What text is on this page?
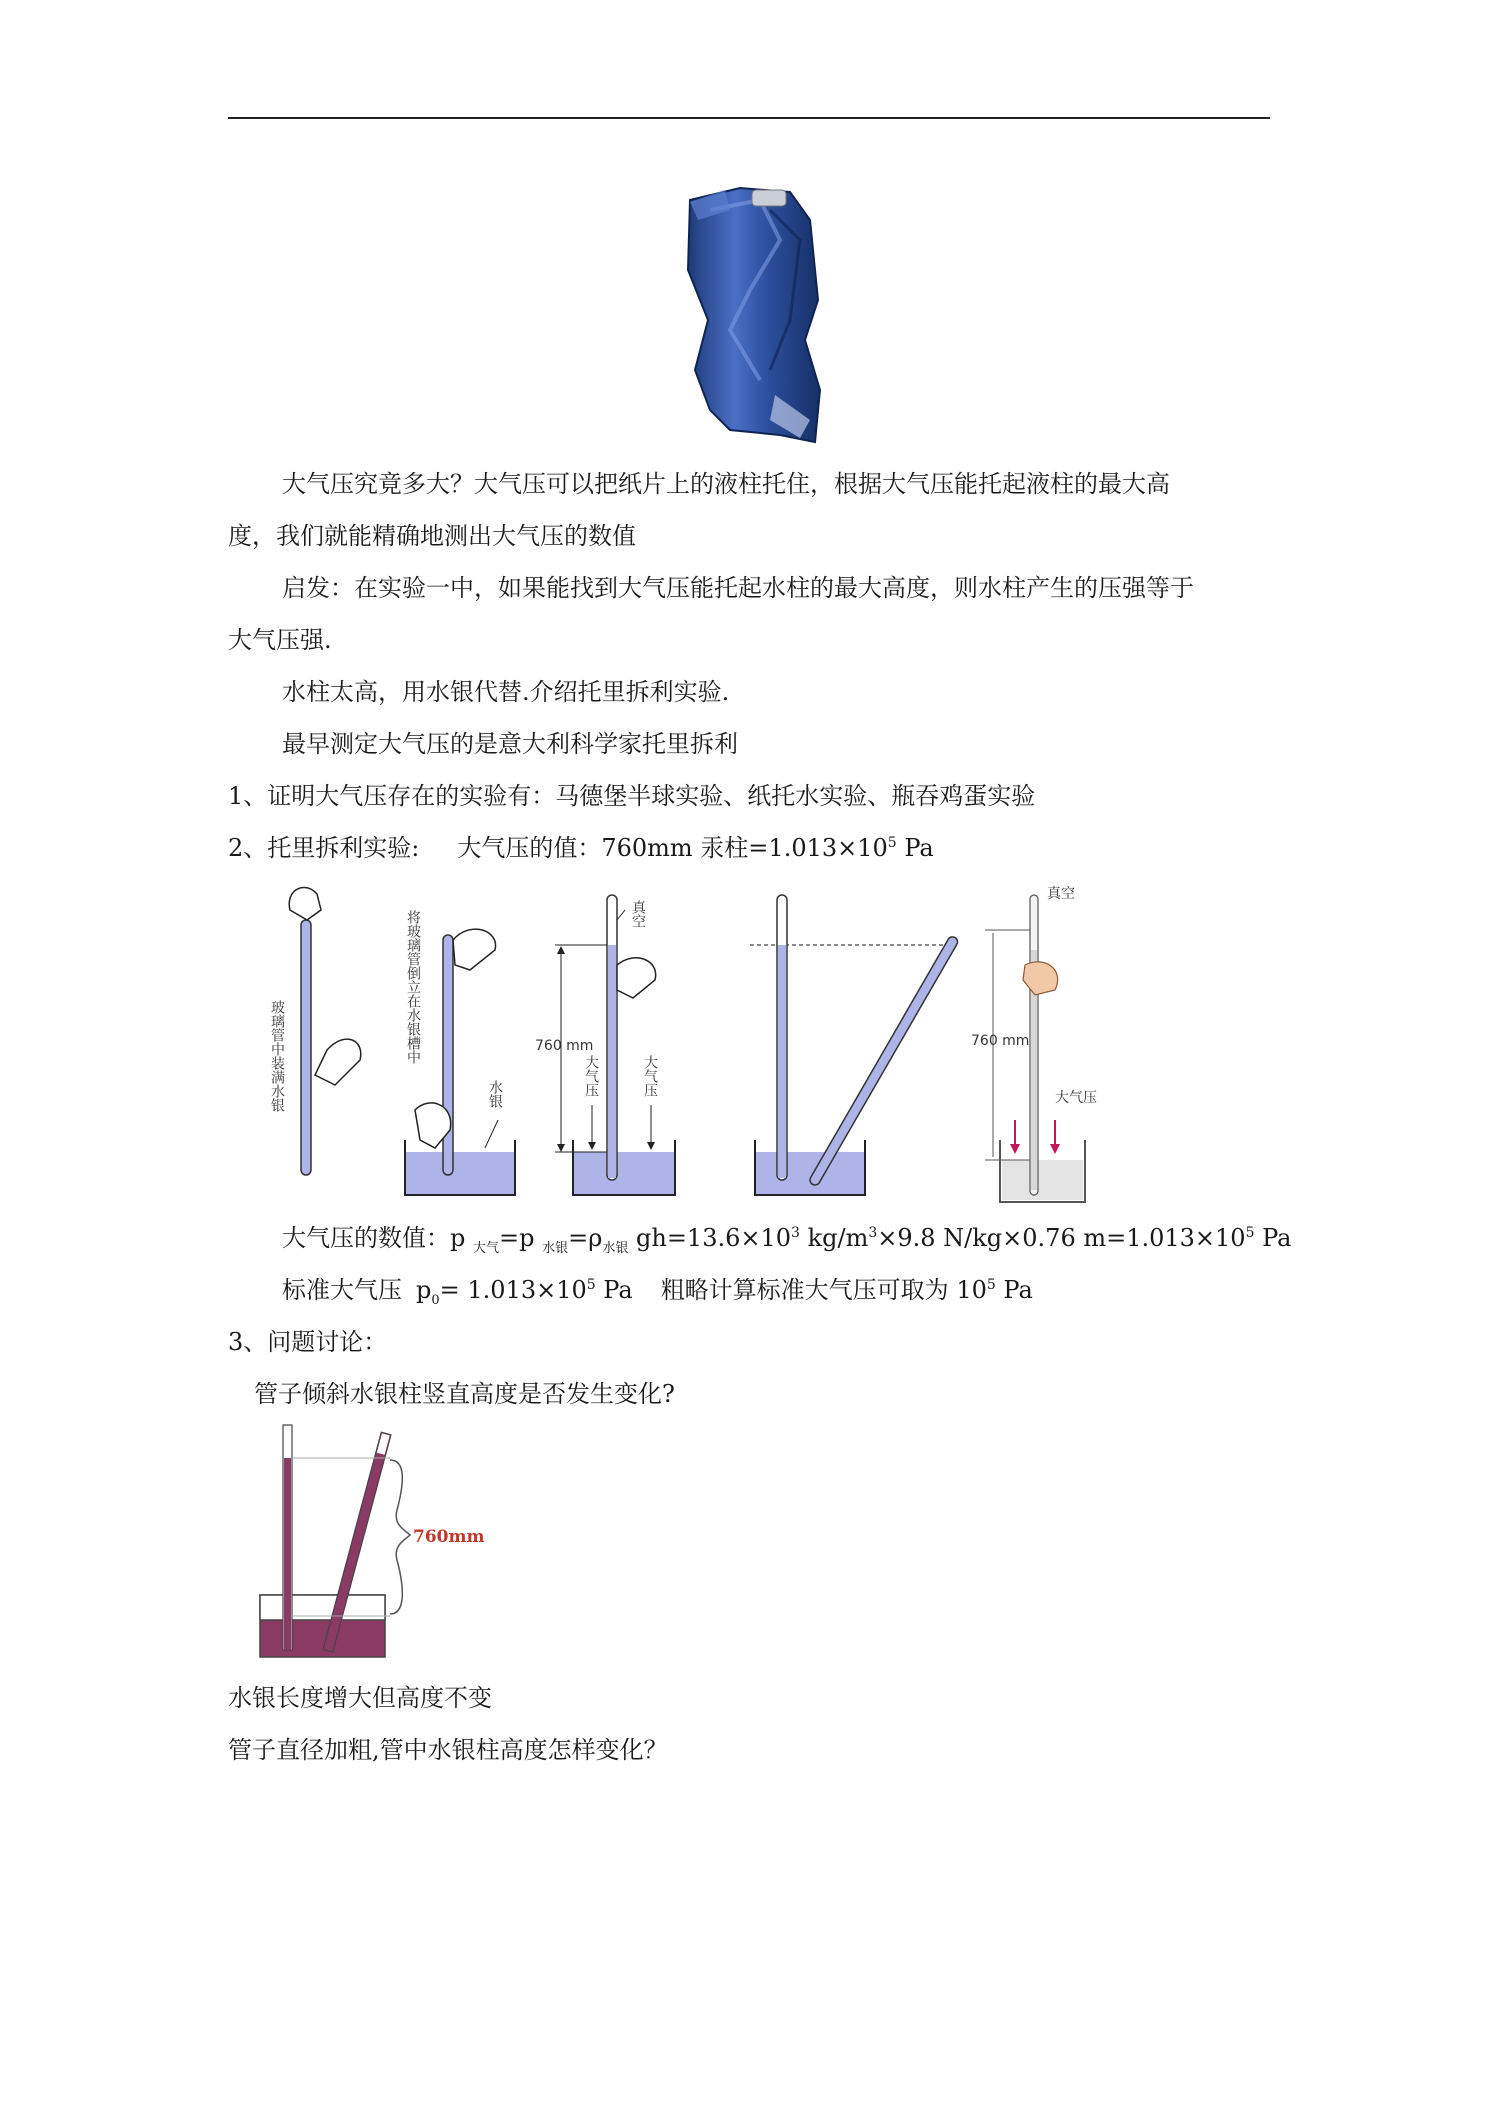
大气压究竟多大？大气压可以把纸片上的液柱托住，根据大气压能托起液柱的最大高
度，我们就能精确地测出大气压的数值
启发：在实验一中，如果能找到大气压能托起水柱的最大高度，则水柱产生的压强等于
大气压强.
水柱太高，用水银代替.介绍托里拆利实验.
最早测定大气压的是意大利科学家托里拆利
1、证明大气压存在的实验有：马德堡半球实验、纸托水实验、瓶吞鸡蛋实验
2、托里拆利实验: 大气压的值：760mm 汞柱$=1.013\times 10^5$ Pa
玻璃管中装满水银	将玻璃管倒立在水银槽中
水银
760 mm
真空
大气压	大气压
760 mm
真空
大气压
大气压的数值：p $_{大气}$=p $_{水银}=\rho_{水银}$ $gh=13.6\times 10^3$ $kg/m^3\times 9.8$ N/kg×0.76 $m=1.013\times 10^5$ Pa
标准大气压 $p_0= 1.013\times 10^5$ Pa 粗略计算标准大气压可取为 $10^5$ Pa
3、问题讨论：
管子倾斜水银柱竖直高度是否发生变化?
760mm
水银长度增大但高度不变
管子直径加粗,管中水银柱高度怎样变化？
